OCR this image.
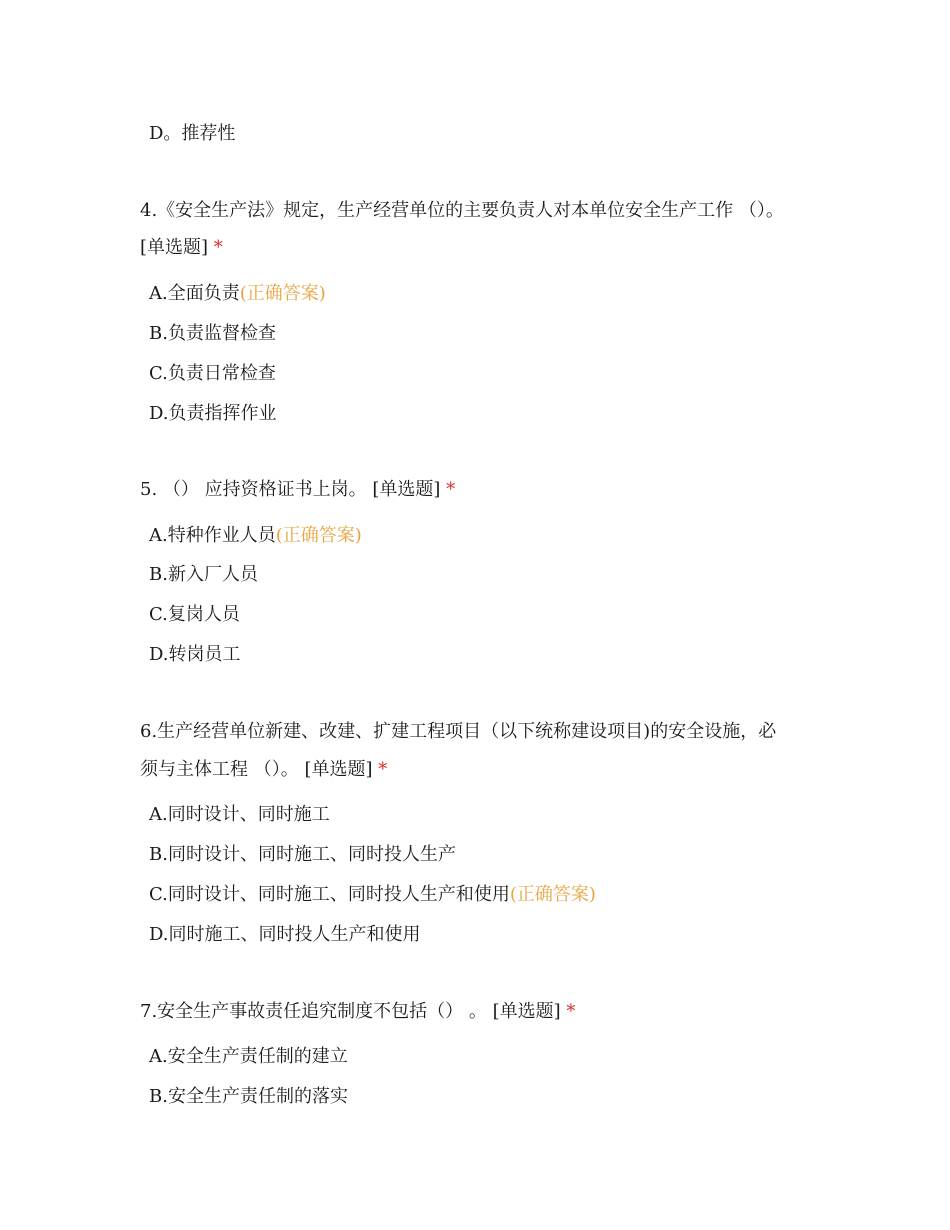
D。推荐性
4.《安全生产法》规定，生产经营单位的主要负责人对本单位安全生产工作 （）。
[单选题] *
A.全面负责(正确答案)
B.负责监督检查
C.负责日常检查
D.负责指挥作业
5. （） 应持资格证书上岗。 [单选题] *
A.特种作业人员(正确答案)
B.新入厂人员
C.复岗人员
D.转岗员工
6.生产经营单位新建、改建、扩建工程项目（以下统称建设项目)的安全设施，必
须与主体工程 （）。 [单选题] *
A.同时设计、同时施工
B.同时设计、同时施工、同时投人生产
C.同时设计、同时施工、同时投人生产和使用(正确答案)
D.同时施工、同时投人生产和使用
7.安全生产事故责任追究制度不包括（） 。 [单选题] *
A.安全生产责任制的建立
B.安全生产责任制的落实
